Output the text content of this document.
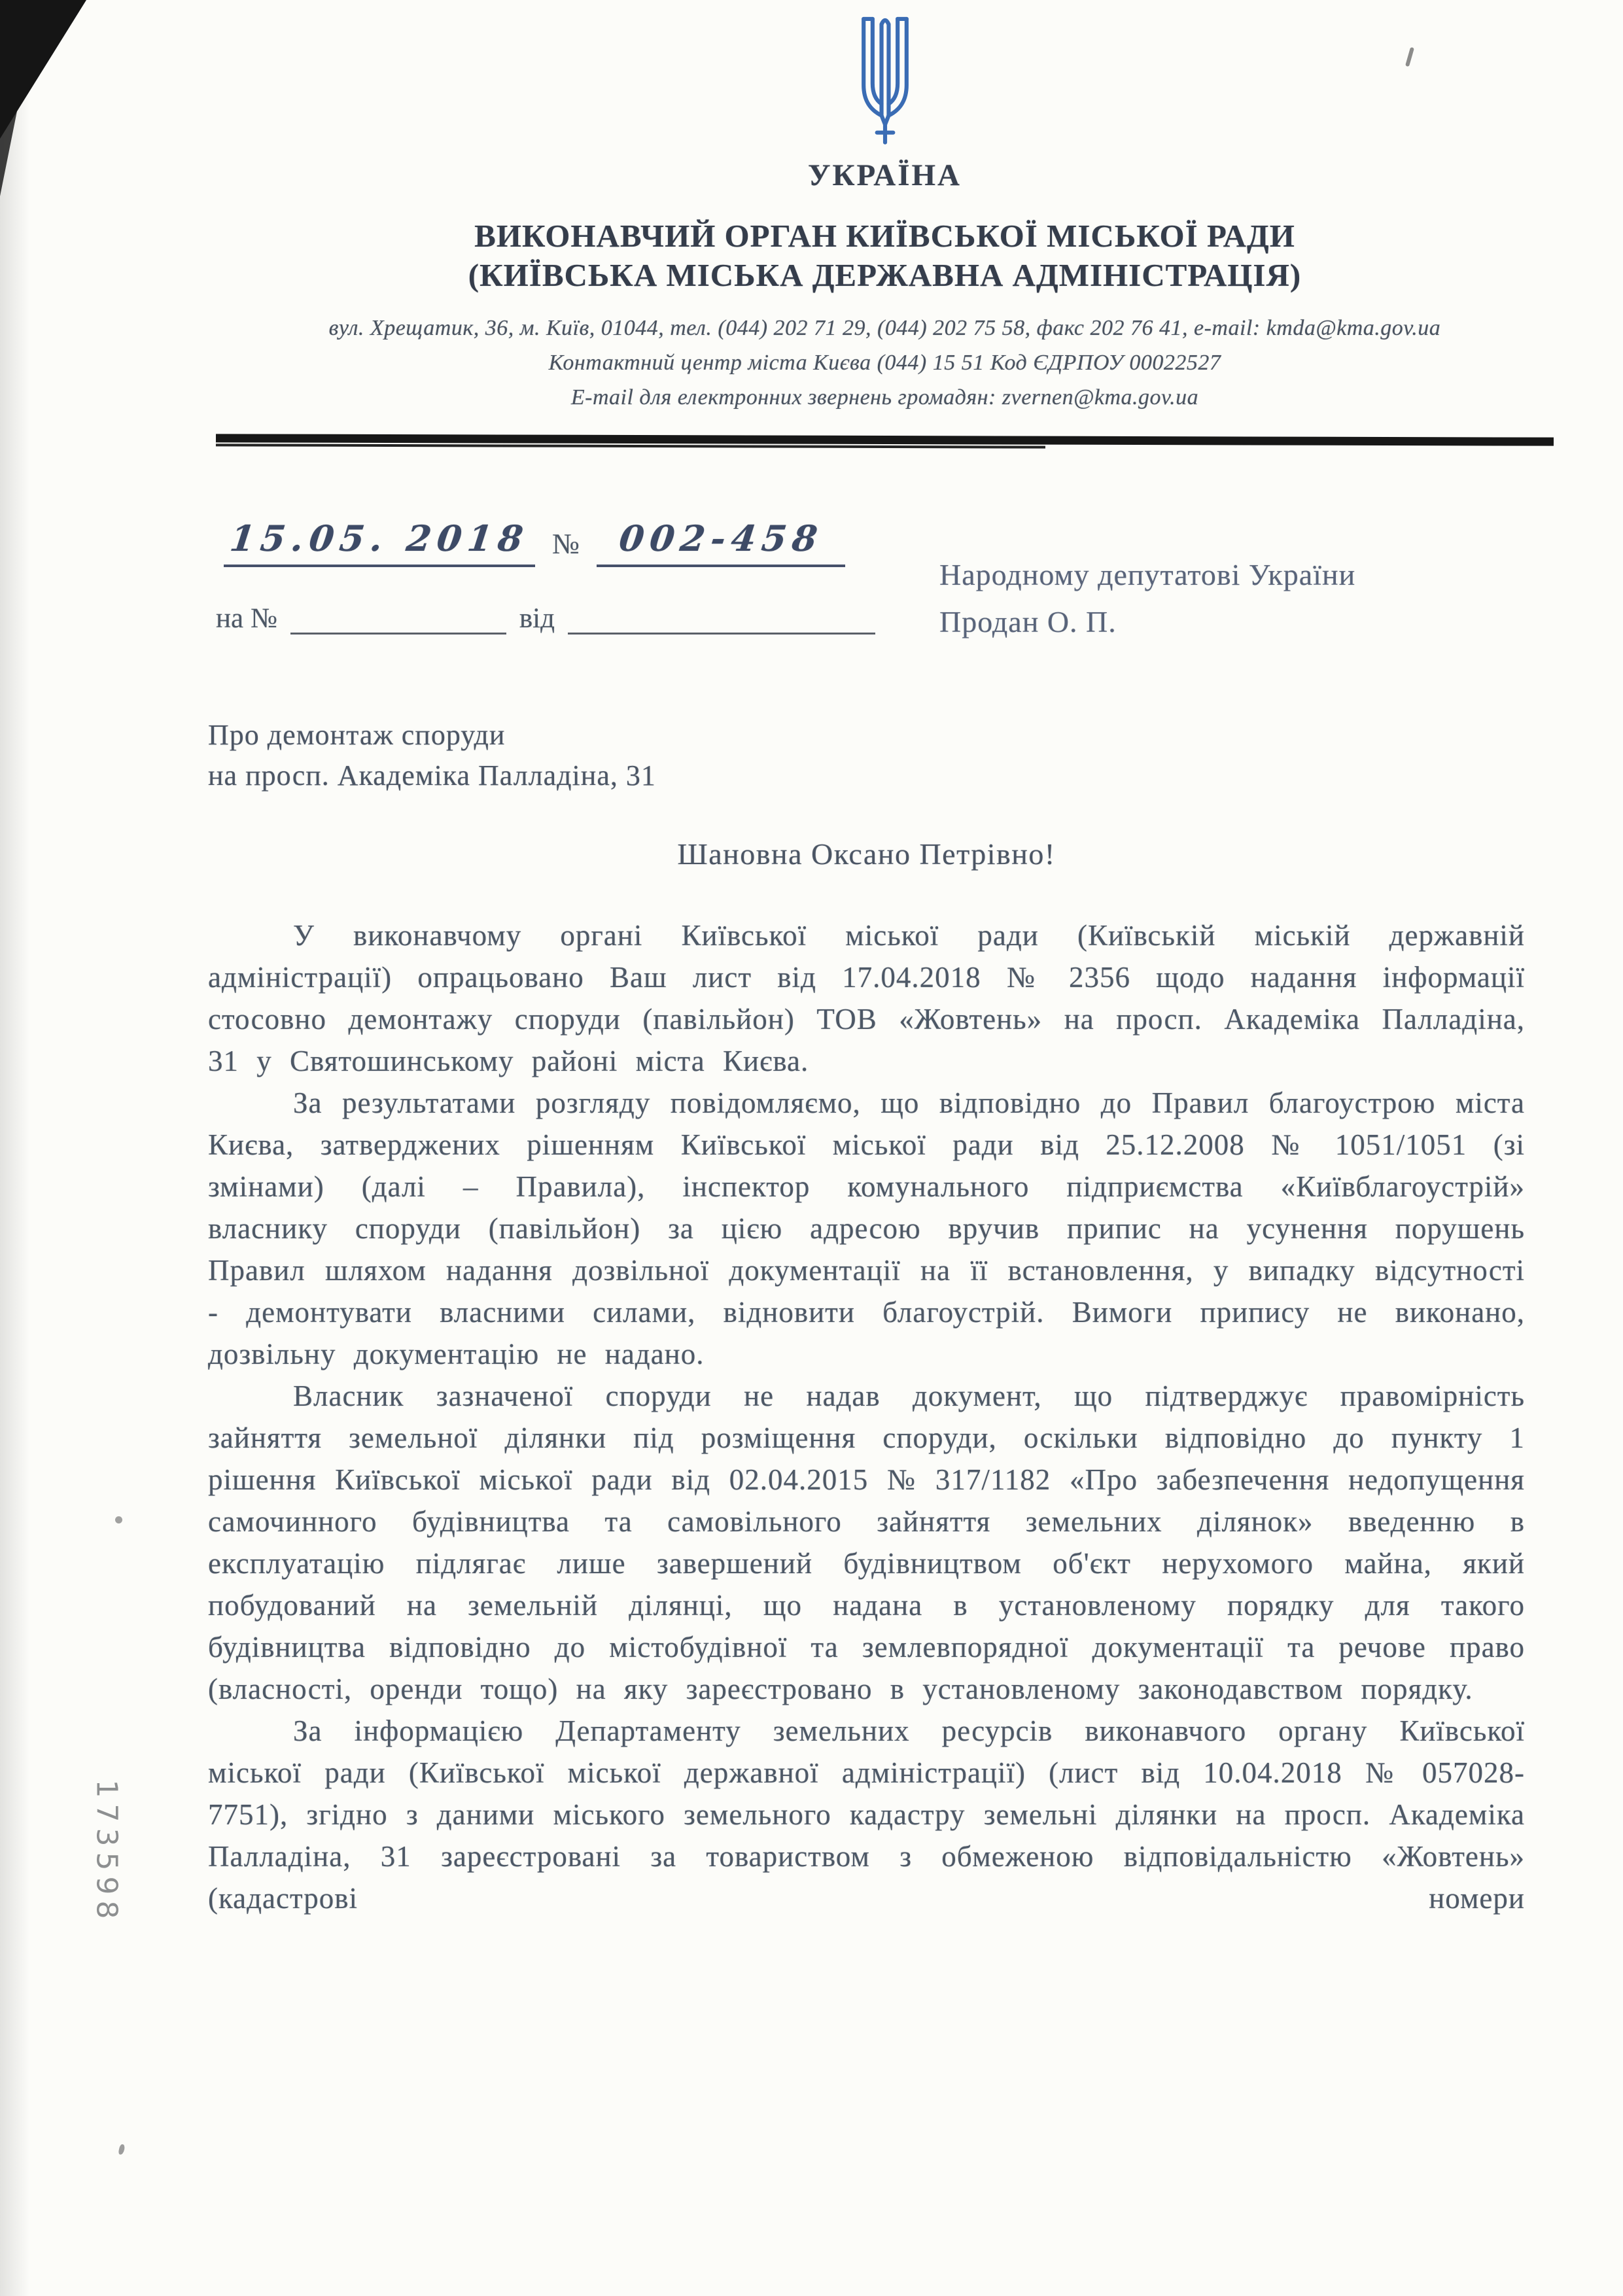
173598
УКРАЇНА
ВИКОНАВЧИЙ ОРГАН КИЇВСЬКОЇ МІСЬКОЇ РАДИ
(КИЇВСЬКА МІСЬКА ДЕРЖАВНА АДМІНІСТРАЦІЯ)
вул. Хрещатик, 36, м. Київ, 01044, тел. (044) 202 71 29, (044) 202 75 58, факс 202 76 41, e-mail: kmda@kma.gov.ua
Контактний центр міста Києва (044) 15 51 Код ЄДРПОУ 00022527
E-mail для електронних звернень громадян: zvernen@kma.gov.ua
15.05. 2018 №	002-458
на №	від
Народному депутатові України
Продан О. П.
Про демонтаж споруди
на просп. Академіка Палладіна, 31
Шановна Оксано Петрівно!

У виконавчому органі Київської міської ради (Київській міській державній адміністрації) опрацьовано Ваш лист від 17.04.2018 № 2356 щодо надання інформації стосовно демонтажу споруди (павільйон) ТОВ «Жовтень» на просп. Академіка Палладіна, 31 у Святошинському районі міста Києва.

За результатами розгляду повідомляємо, що відповідно до Правил благоустрою міста Києва, затверджених рішенням Київської міської ради від 25.12.2008 № 1051/1051 (зі змінами) (далі – Правила), інспектор комунального підприємства «Київблагоустрій» власнику споруди (павільйон) за цією адресою вручив припис на усунення порушень Правил шляхом надання дозвільної документації на її встановлення, у випадку відсутності - демонтувати власними силами, відновити благоустрій. Вимоги припису не виконано, дозвільну документацію не надано.

Власник зазначеної споруди не надав документ, що підтверджує правомірність зайняття земельної ділянки під розміщення споруди, оскільки відповідно до пункту 1 рішення Київської міської ради від 02.04.2015 № 317/1182 «Про забезпечення недопущення самочинного будівництва та самовільного зайняття земельних ділянок» введенню в експлуатацію підлягає лише завершений будівництвом об'єкт нерухомого майна, який побудований на земельній ділянці, що надана в установленому порядку для такого будівництва відповідно до містобудівної та землевпорядної документації та речове право (власності, оренди тощо) на яку зареєстровано в установленому законодавством порядку.

За інформацією Департаменту земельних ресурсів виконавчого органу Київської міської ради (Київської міської державної адміністрації) (лист від 10.04.2018 № 057028-7751), згідно з даними міського земельного кадастру земельні ділянки на просп. Академіка Палладіна, 31 зареєстровані за товариством з обмеженою відповідальністю «Жовтень» (кадастрові номери
